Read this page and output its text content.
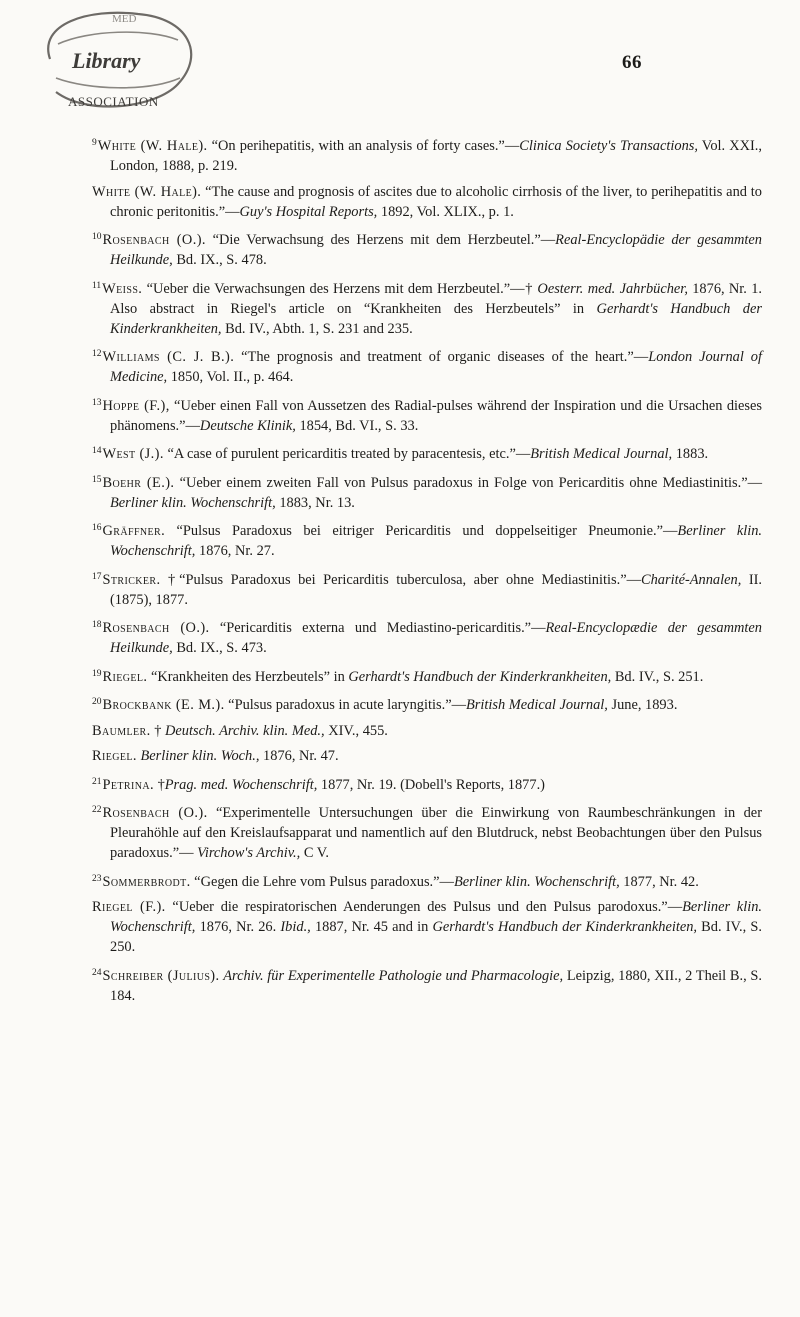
MED
Library
ASSOCIATION
66

$^9$White (W. Hale). “On perihepatitis, with an analysis of forty cases.”—Clinica Society's Transactions, Vol. XXI., London, 1888, p. 219.

White (W. Hale). “The cause and prognosis of ascites due to alcoholic cirrhosis of the liver, to perihepatitis and to chronic peritonitis.”—Guy's Hospital Reports, 1892, Vol. XLIX., p. 1.

$^{10}$Rosenbach (O.). “Die Verwachsung des Herzens mit dem Herzbeutel.”—Real-Encyclopädie der gesammten Heilkunde, Bd. IX., S. 478.

$^{11}$Weiss. “Ueber die Verwachsungen des Herzens mit dem Herzbeutel.”—† Oesterr. med. Jahrbücher, 1876, Nr. 1. Also abstract in Riegel's article on “Krankheiten des Herzbeutels” in Gerhardt's Handbuch der Kinderkrankheiten, Bd. IV., Abth. 1, S. 231 and 235.

$^{12}$Williams (C. J. B.). “The prognosis and treatment of organic diseases of the heart.”—London Journal of Medicine, 1850, Vol. II., p. 464.

$^{13}$Hoppe (F.), “Ueber einen Fall von Aussetzen des Radial-pulses während der Inspiration und die Ursachen dieses phänomens.”—Deutsche Klinik, 1854, Bd. VI., S. 33.

$^{14}$West (J.). “A case of purulent pericarditis treated by paracentesis, etc.”—British Medical Journal, 1883.

$^{15}$Boehr (E.). “Ueber einem zweiten Fall von Pulsus paradoxus in Folge von Pericarditis ohne Mediastinitis.”—Berliner klin. Wochenschrift, 1883, Nr. 13.

$^{16}$Gräffner. “Pulsus Paradoxus bei eitriger Pericarditis und doppelseitiger Pneumonie.”—Berliner klin. Wochenschrift, 1876, Nr. 27.

$^{17}$Stricker. †“Pulsus Paradoxus bei Pericarditis tuberculosa, aber ohne Mediastinitis.”—Charité-Annalen, II. (1875), 1877.

$^{18}$Rosenbach (O.). “Pericarditis externa und Mediastino-pericarditis.”—Real-Encyclopædie der gesammten Heilkunde, Bd. IX., S. 473.

$^{19}$Riegel. “Krankheiten des Herzbeutels” in Gerhardt's Handbuch der Kinderkrankheiten, Bd. IV., S. 251.

$^{20}$Brockbank (E. M.). “Pulsus paradoxus in acute laryngitis.”—British Medical Journal, June, 1893.

Baumler. † Deutsch. Archiv. klin. Med., XIV., 455.

Riegel. Berliner klin. Woch., 1876, Nr. 47.

$^{21}$Petrina. †Prag. med. Wochenschrift, 1877, Nr. 19. (Dobell's Reports, 1877.)

$^{22}$Rosenbach (O.). “Experimentelle Untersuchungen über die Einwirkung von Raumbeschränkungen in der Pleurahöhle auf den Kreislaufsapparat und namentlich auf den Blutdruck, nebst Beobachtungen über den Pulsus paradoxus.”— Virchow's Archiv., C V.

$^{23}$Sommerbrodt. “Gegen die Lehre vom Pulsus paradoxus.”—Berliner klin. Wochenschrift, 1877, Nr. 42.

Riegel (F.). “Ueber die respiratorischen Aenderungen des Pulsus und den Pulsus parodoxus.”—Berliner klin. Wochenschrift, 1876, Nr. 26. Ibid., 1887, Nr. 45 and in Gerhardt's Handbuch der Kinderkrankheiten, Bd. IV., S. 250.

$^{24}$Schreiber (Julius). Archiv. für Experimentelle Pathologie und Pharmacologie, Leipzig, 1880, XII., 2 Theil B., S. 184.
